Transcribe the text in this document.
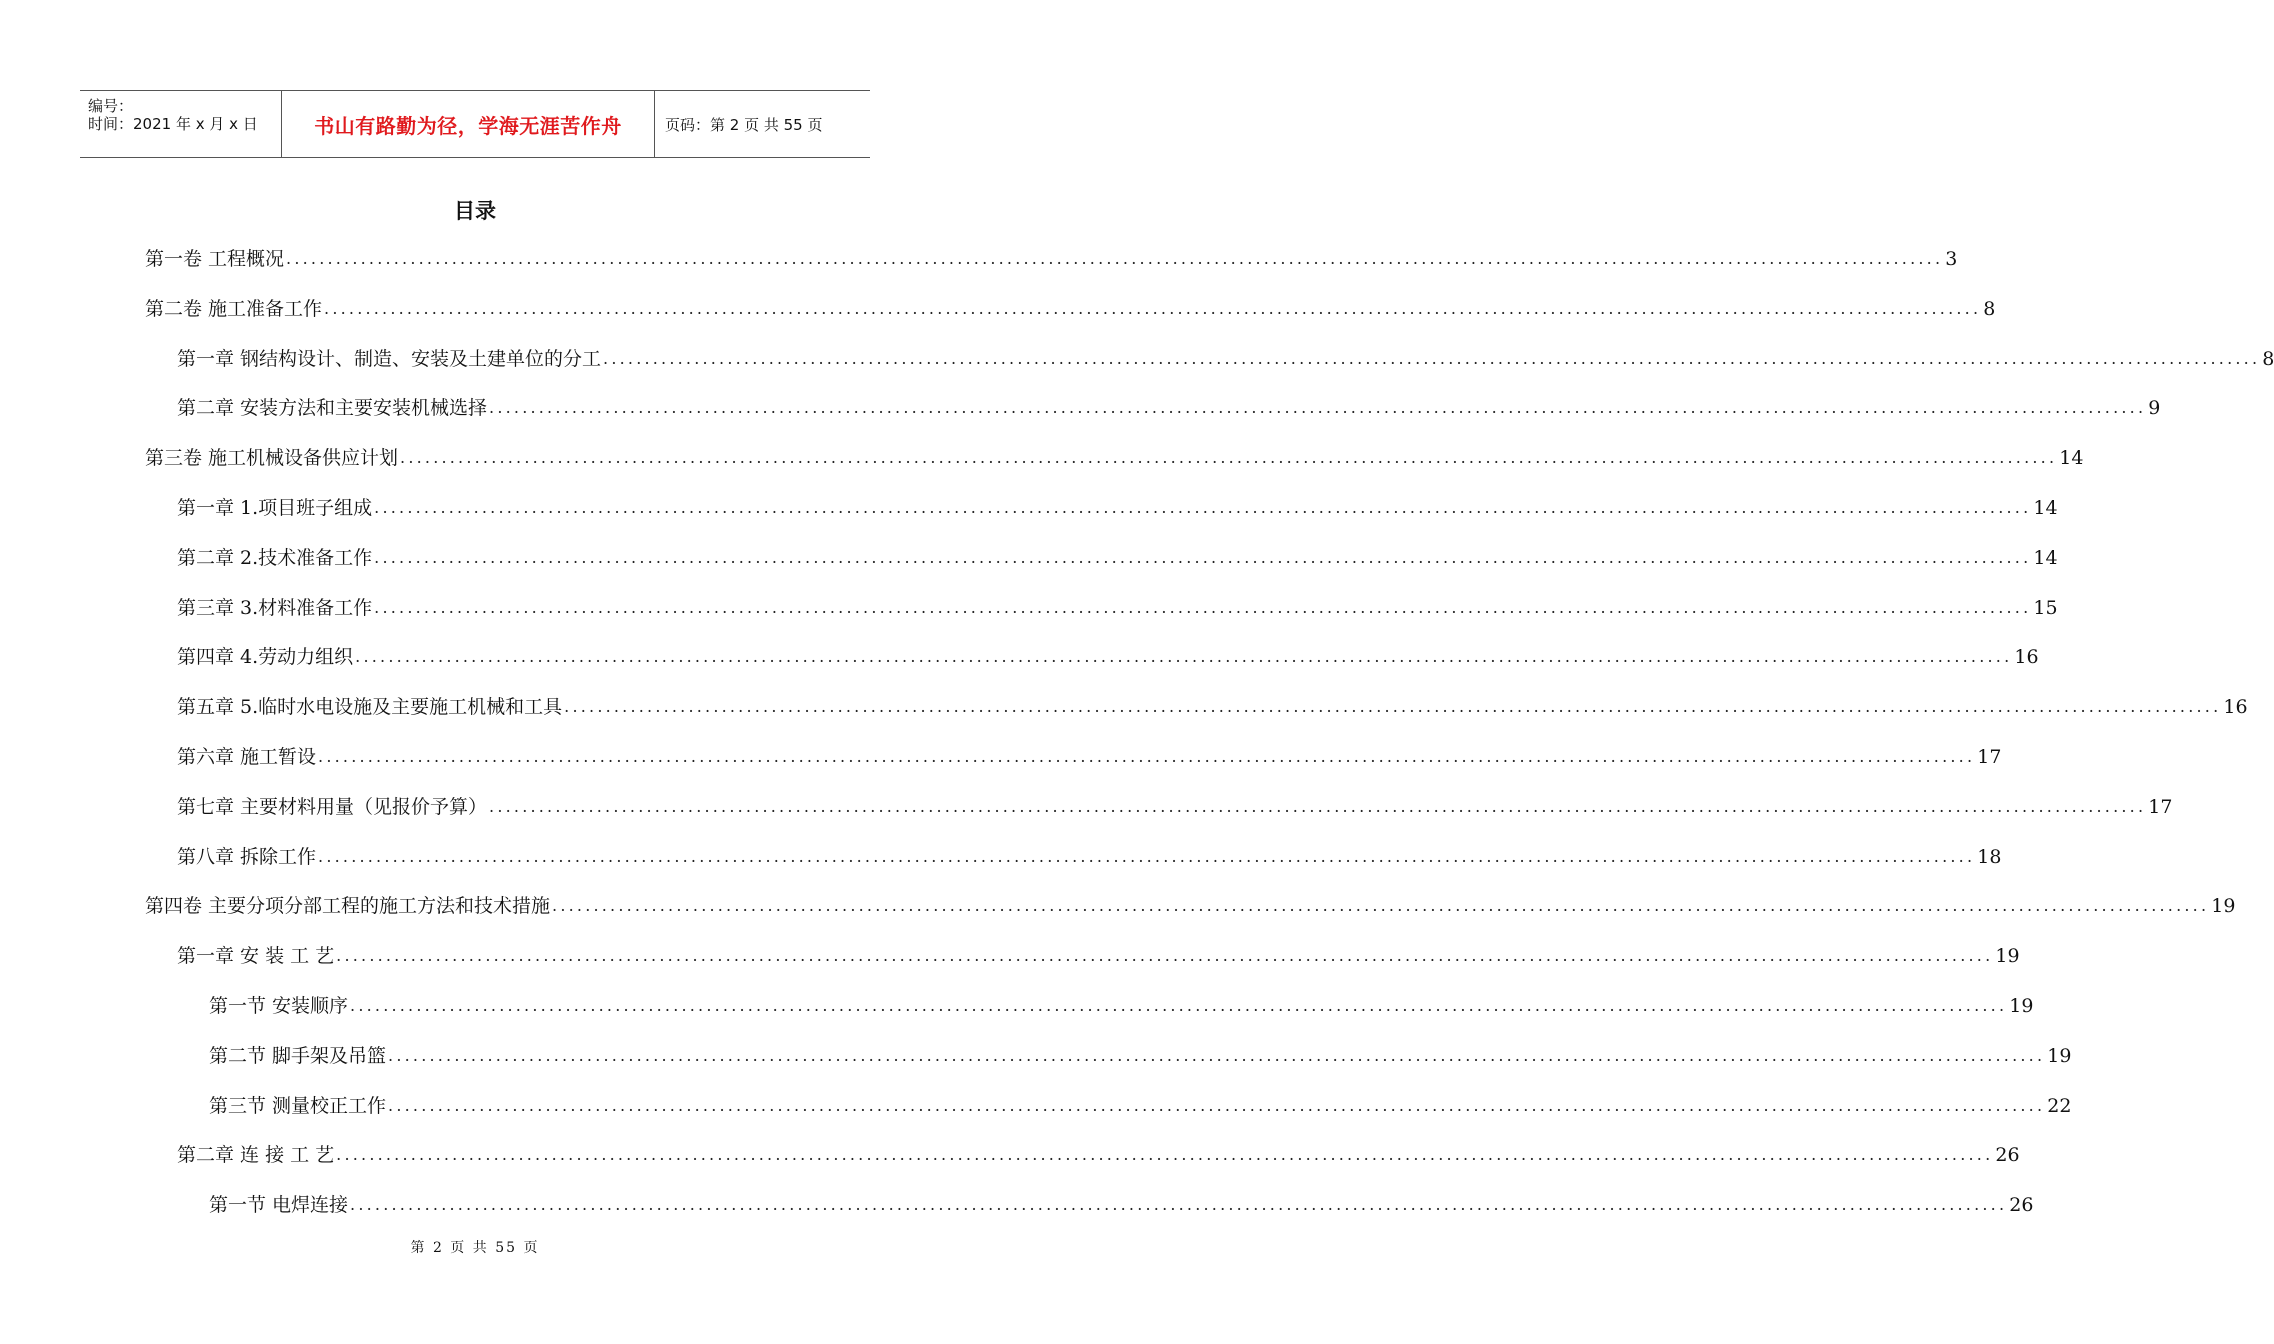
编号：
时间：2021 年 x 月 x 日	书山有路勤为径，学海无涯苦作舟	页码：第 2 页 共 55 页
目录
第一卷 工程概况 ........................................................................................................................................................................................................ 3
第二卷 施工准备工作 ........................................................................................................................................................................................................ 8
第一章 钢结构设计、制造、安装及土建单位的分工 ........................................................................................................................................................................................................ 8
第二章 安装方法和主要安装机械选择 ........................................................................................................................................................................................................ 9
第三卷 施工机械设备供应计划 ........................................................................................................................................................................................................ 14
第一章 1.项目班子组成 ........................................................................................................................................................................................................ 14
第二章 2.技术准备工作 ........................................................................................................................................................................................................ 14
第三章 3.材料准备工作 ........................................................................................................................................................................................................ 15
第四章 4.劳动力组织 ........................................................................................................................................................................................................ 16
第五章 5.临时水电设施及主要施工机械和工具 ........................................................................................................................................................................................................ 16
第六章 施工暂设 ........................................................................................................................................................................................................ 17
第七章 主要材料用量（见报价予算） ........................................................................................................................................................................................................ 17
第八章 拆除工作 ........................................................................................................................................................................................................ 18
第四卷 主要分项分部工程的施工方法和技术措施 ........................................................................................................................................................................................................ 19
第一章 安 装 工 艺 ........................................................................................................................................................................................................ 19
第一节 安装顺序 ........................................................................................................................................................................................................ 19
第二节 脚手架及吊篮 ........................................................................................................................................................................................................ 19
第三节 测量校正工作 ........................................................................................................................................................................................................ 22
第二章 连 接 工 艺 ........................................................................................................................................................................................................ 26
第一节 电焊连接 ........................................................................................................................................................................................................ 26
第 2 页 共 55 页
